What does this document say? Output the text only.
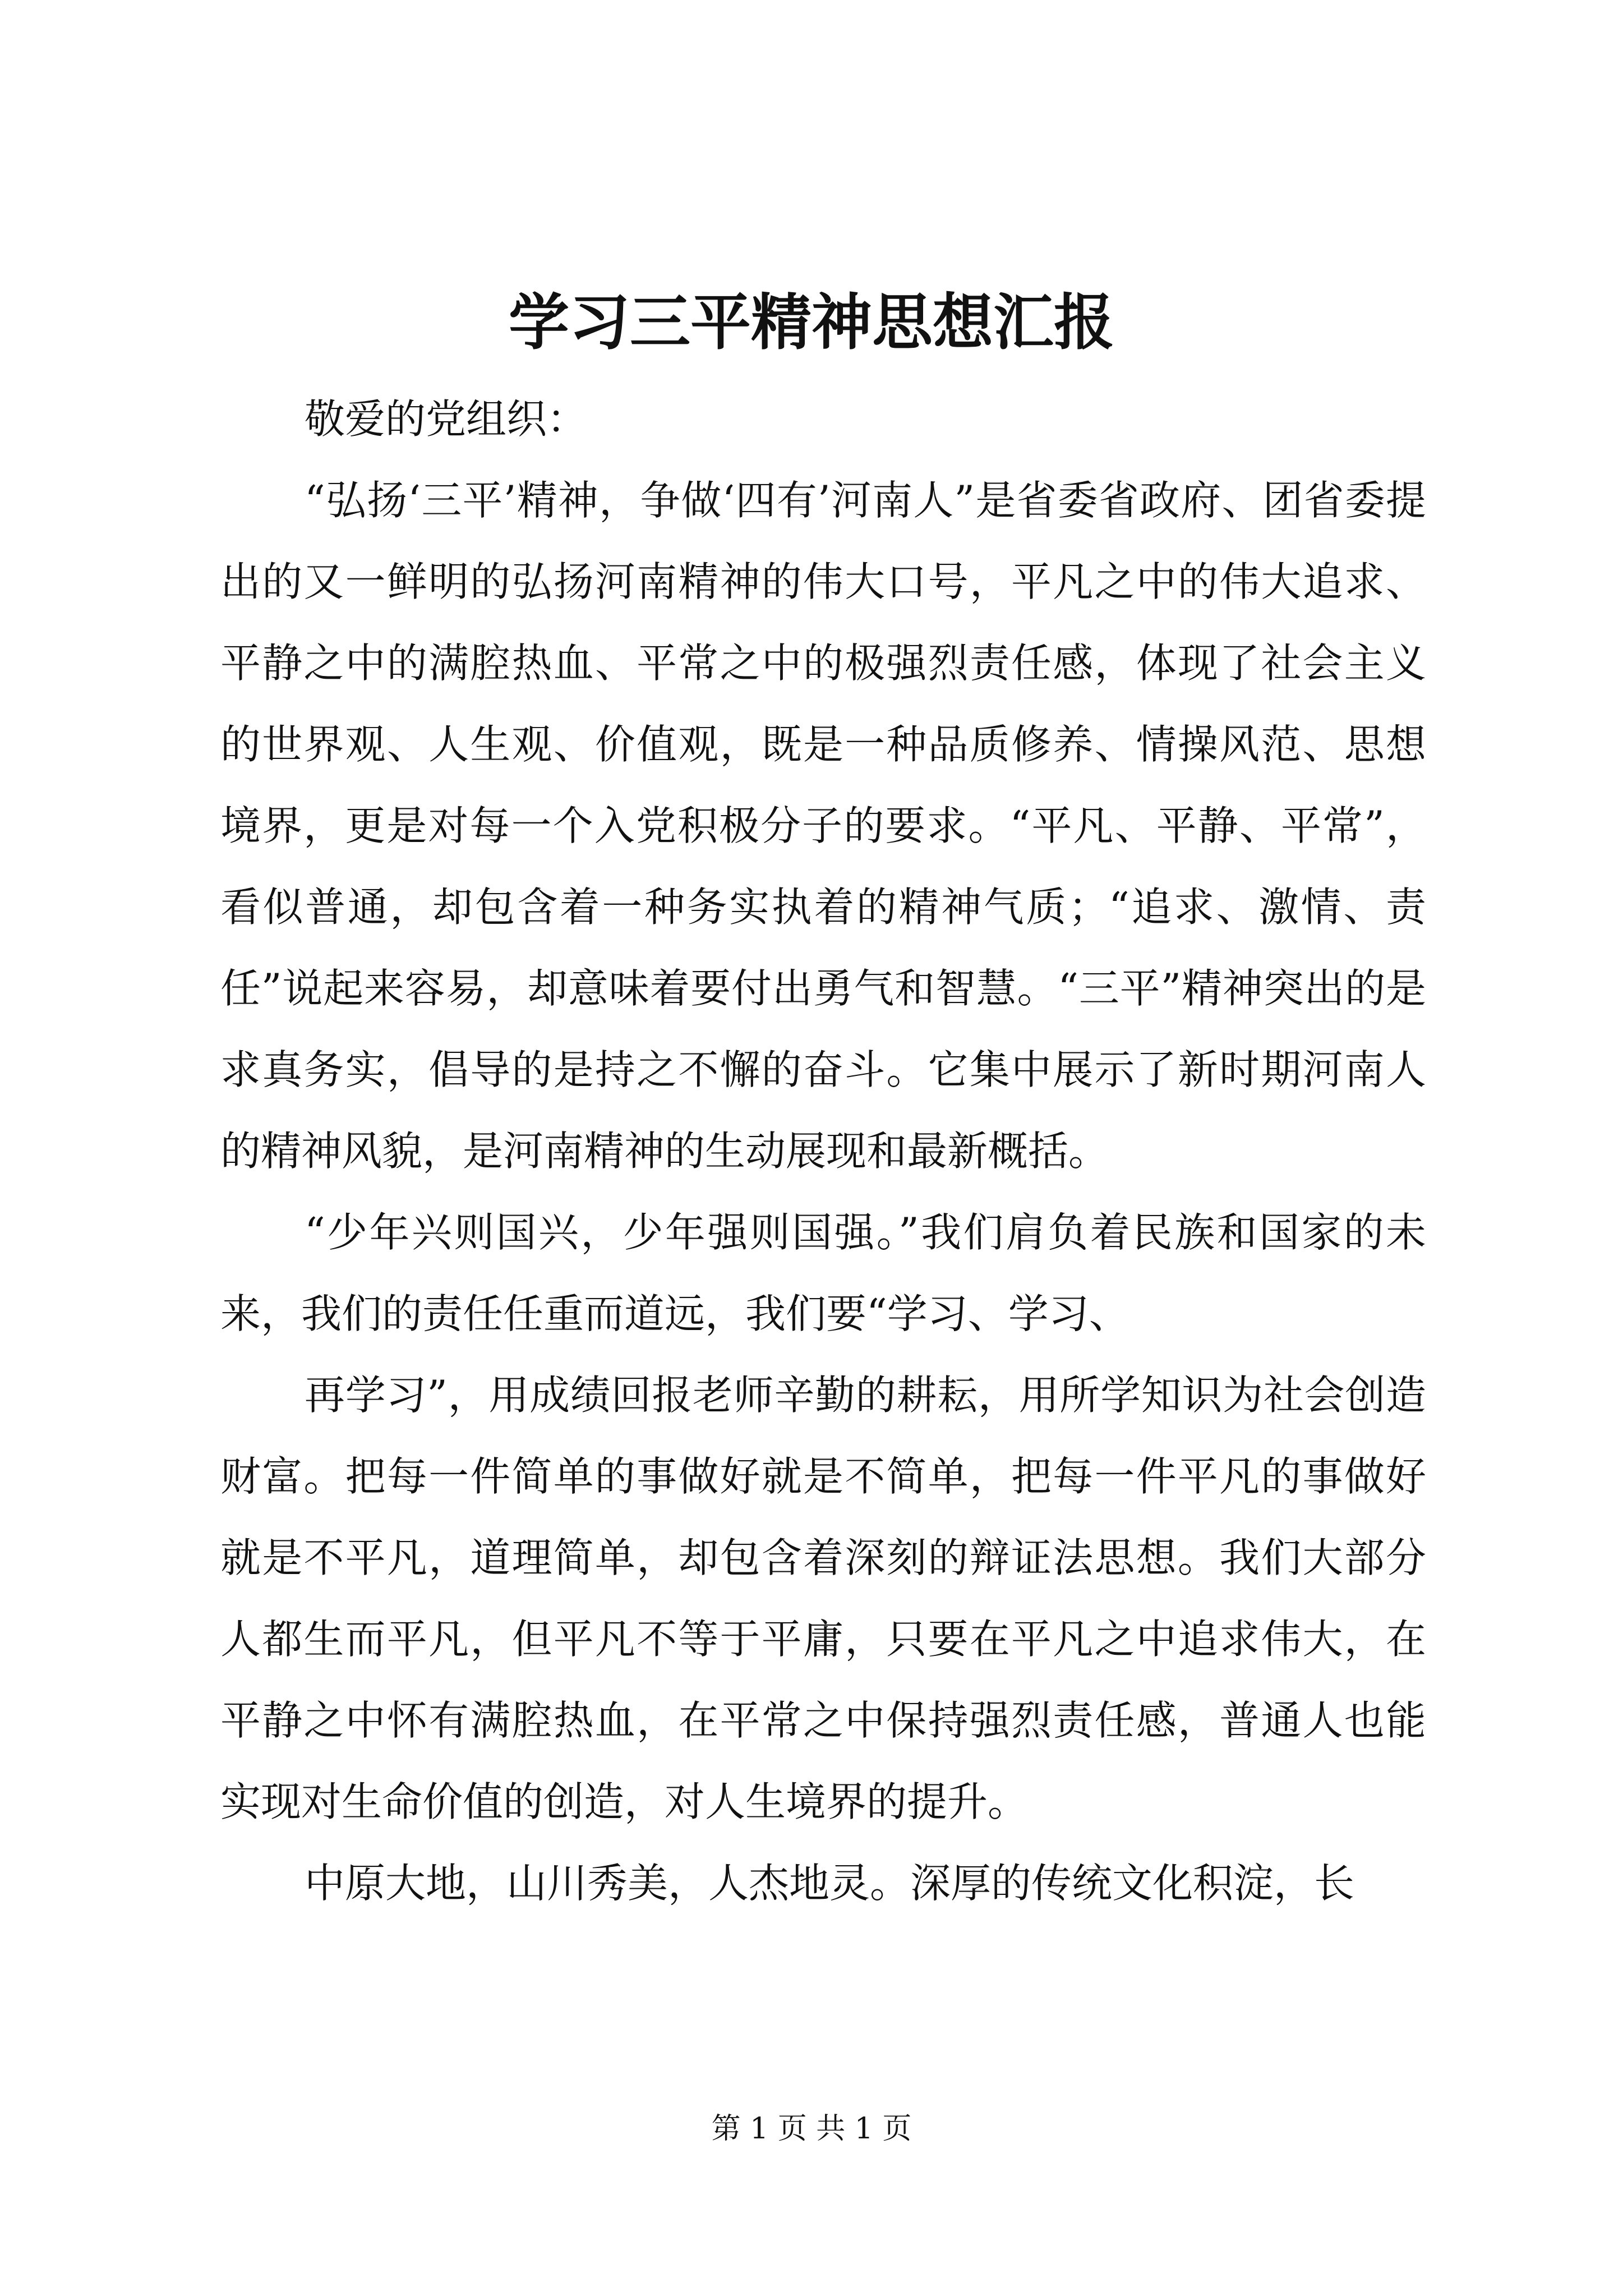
学习三平精神思想汇报

敬爱的党组织：

“弘扬‘三平’精神，争做‘四有’河南人”是省委省政府、团省委提出的又一鲜明的弘扬河南精神的伟大口号，平凡之中的伟大追求、平静之中的满腔热血、平常之中的极强烈责任感，体现了社会主义的世界观、人生观、价值观，既是一种品质修养、情操风范、思想境界，更是对每一个入党积极分子的要求。“平凡、平静、平常”，看似普通，却包含着一种务实执着的精神气质；“追求、激情、责任”说起来容易，却意味着要付出勇气和智慧。“三平”精神突出的是求真务实，倡导的是持之不懈的奋斗。它集中展示了新时期河南人的精神风貌，是河南精神的生动展现和最新概括。

“少年兴则国兴，少年强则国强。”我们肩负着民族和国家的未来，我们的责任任重而道远，我们要“学习、学习、

再学习”，用成绩回报老师辛勤的耕耘，用所学知识为社会创造财富。把每一件简单的事做好就是不简单，把每一件平凡的事做好就是不平凡，道理简单，却包含着深刻的辩证法思想。我们大部分人都生而平凡，但平凡不等于平庸，只要在平凡之中追求伟大，在平静之中怀有满腔热血，在平常之中保持强烈责任感，普通人也能实现对生命价值的创造，对人生境界的提升。

中原大地，山川秀美，人杰地灵。深厚的传统文化积淀，长

第 1 页 共 1 页
